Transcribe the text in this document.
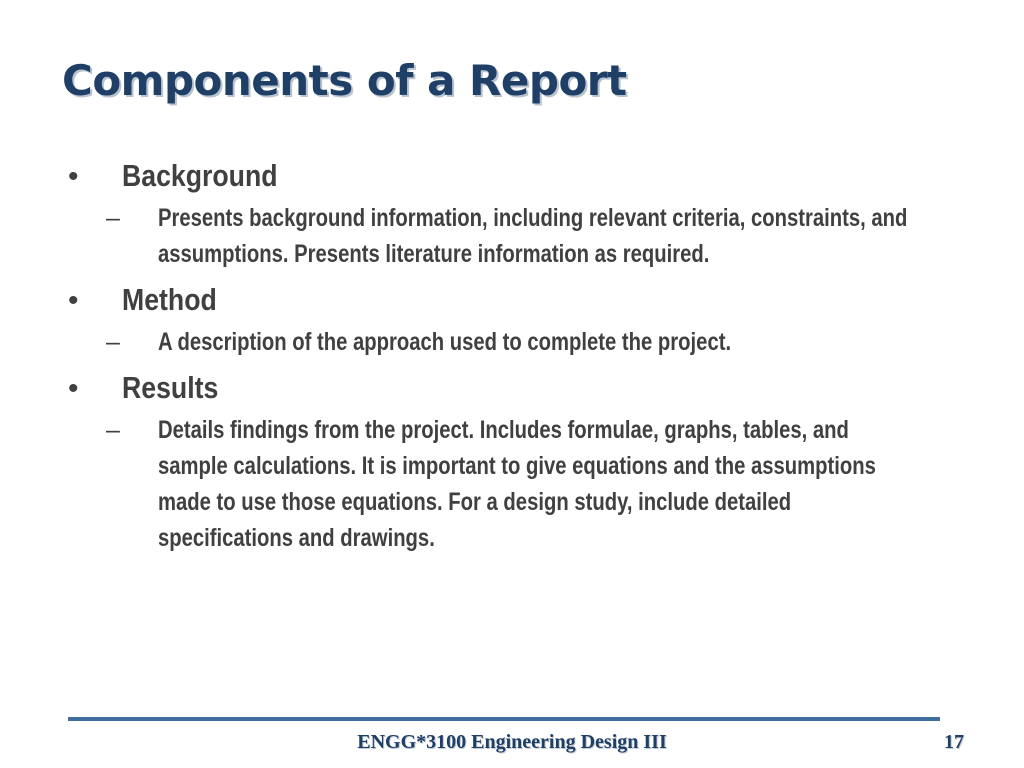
Components of a Report
•	Background
–	Presents background information, including relevant criteria, constraints, and assumptions. Presents literature information as required.
•	Method
–	A description of the approach used to complete the project.
•	Results
–	Details findings from the project. Includes formulae, graphs, tables, and sample calculations. It is important to give equations and the assumptions made to use those equations. For a design study, include detailed specifications and drawings.
ENGG*3100 Engineering Design III	17
